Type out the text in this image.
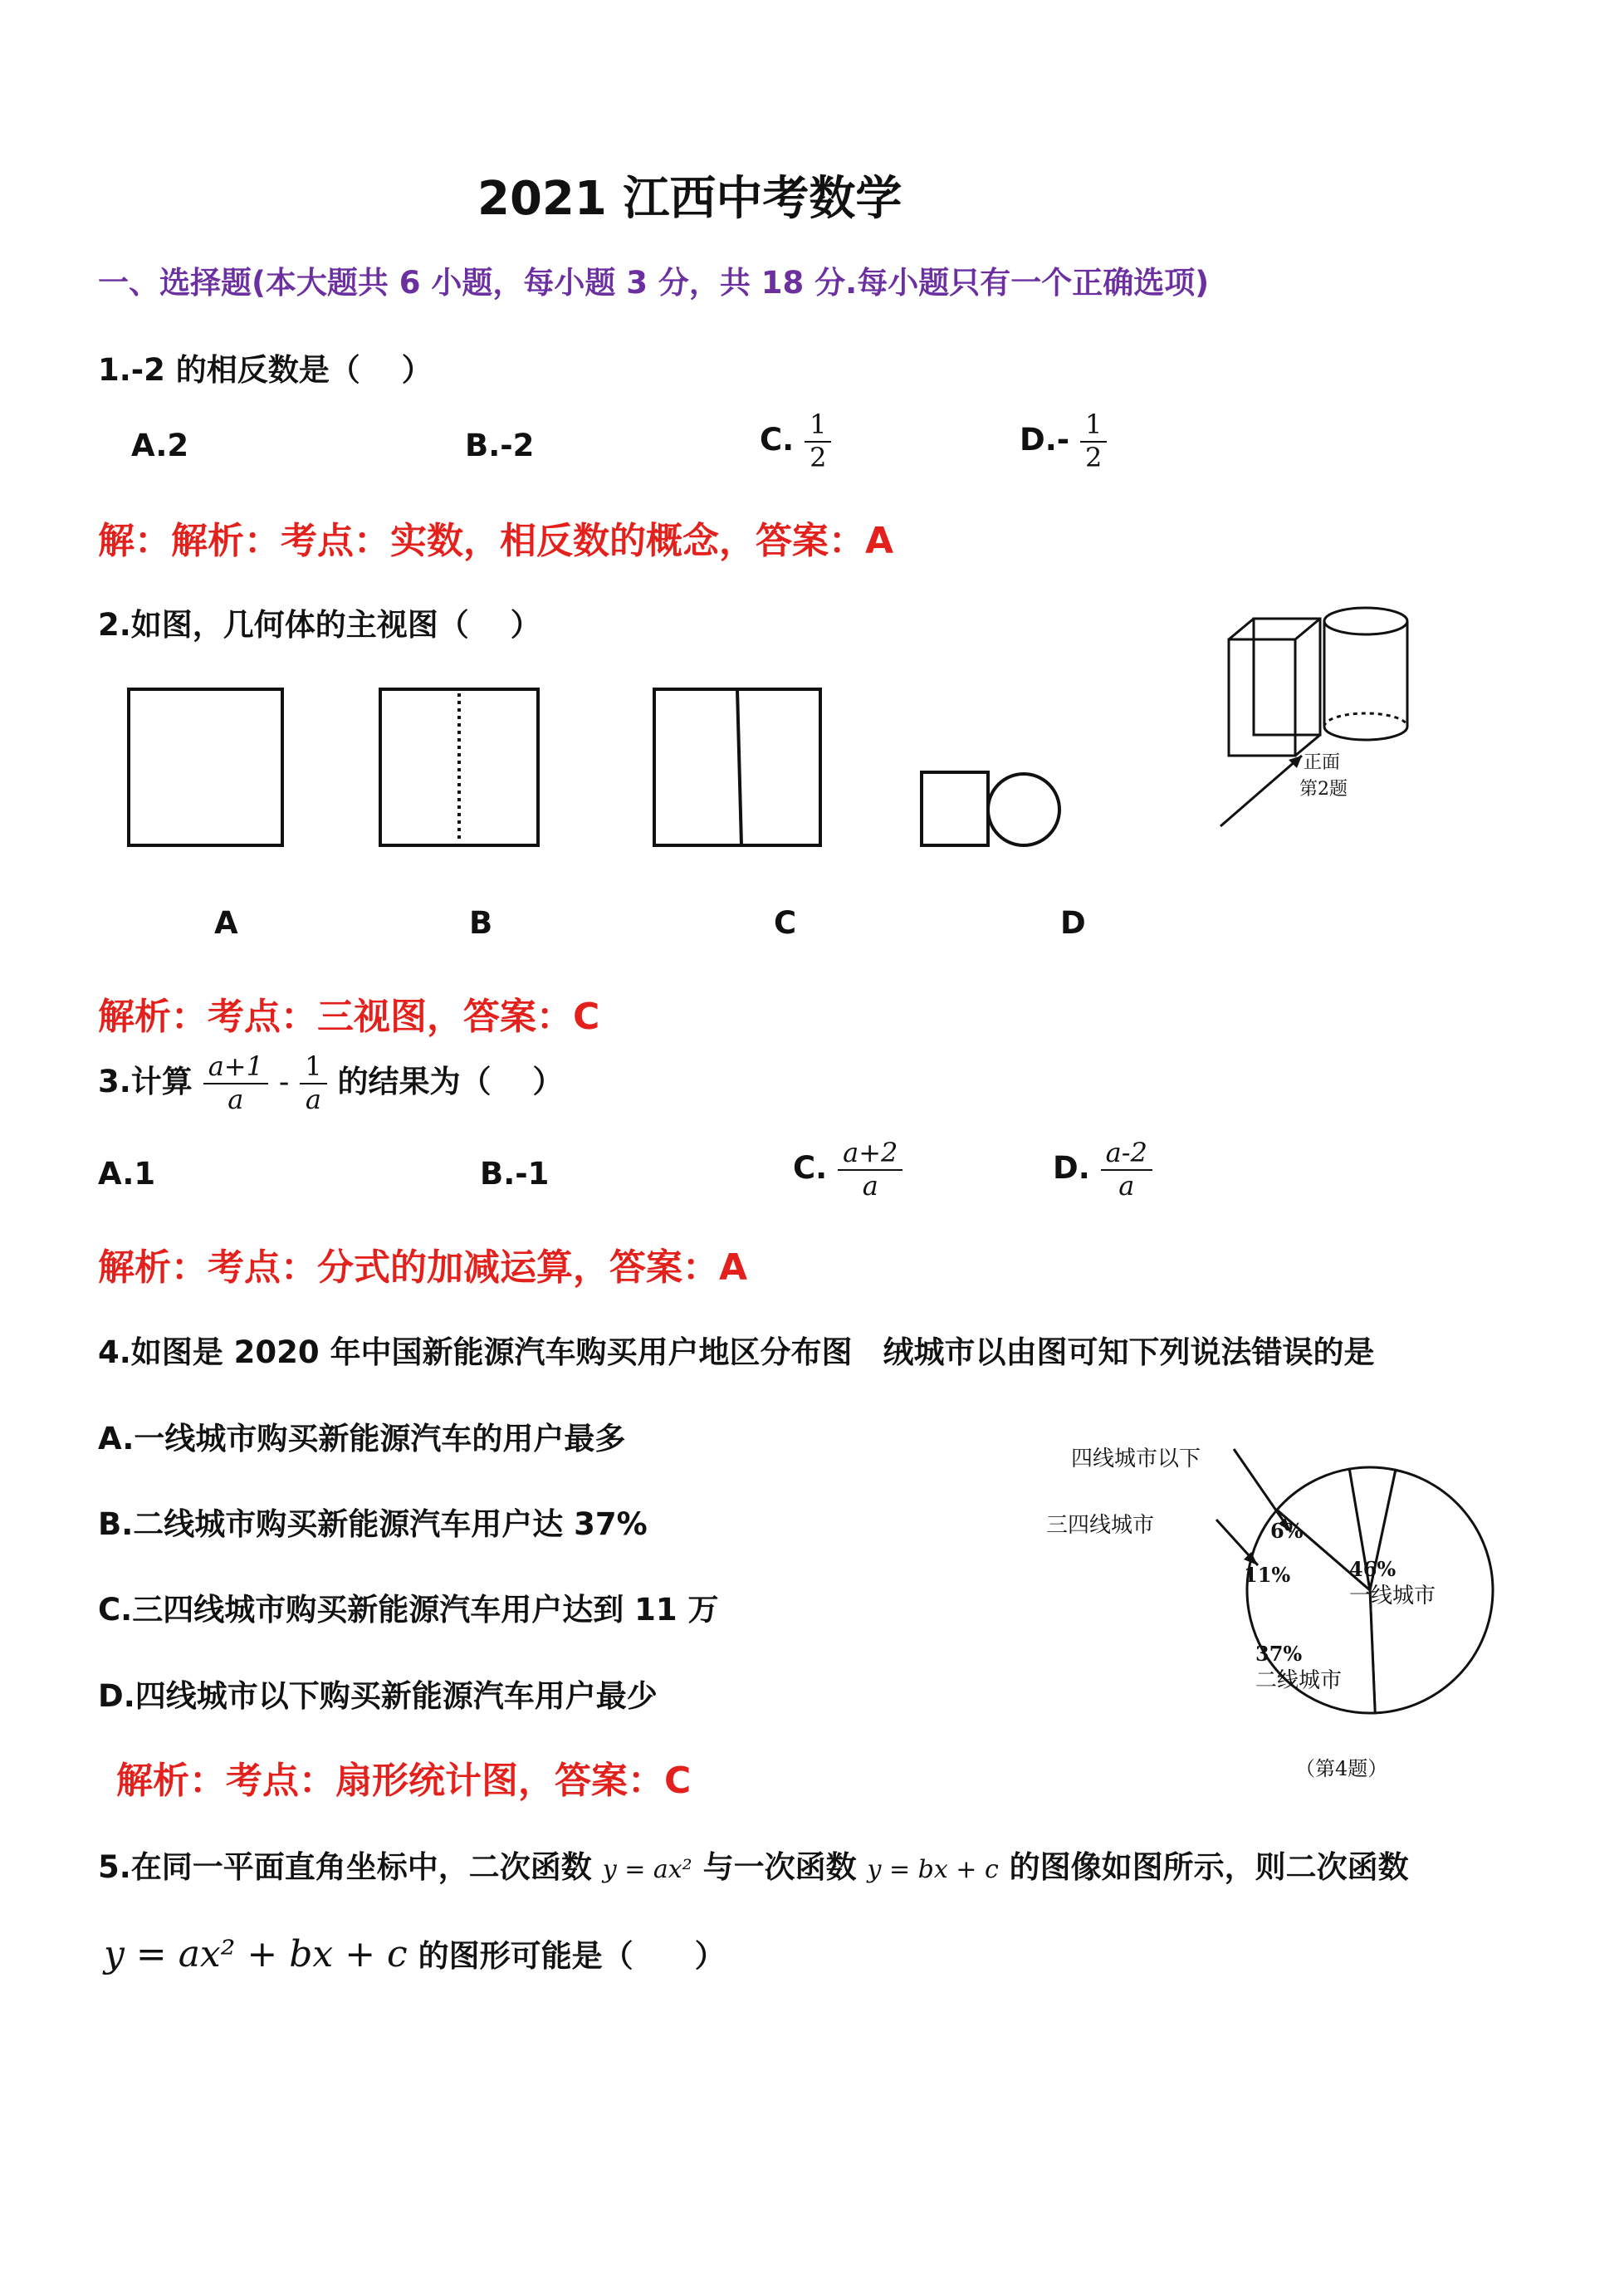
2021 江西中考数学
一、选择题(本大题共 6 小题，每小题 3 分，共 18 分.每小题只有一个正确选项)
1.-2 的相反数是（　 ）
A.2	B.-2	C. $\frac{1}{2}$	$D.- \frac{1}{2}$
解：解析：考点：实数，相反数的概念，答案：A
2.如图，几何体的主视图（　 ）
A	B	C	D
正面
第2题
解析：考点：三视图，答案：C
3.计算 $\frac{a+1}{a} - \frac{1}{a}$ 的结果为（　 ）
A.1	B.-1	C. $\frac{a+2}{a}$	D. $\frac{a-2}{a}$
解析：考点：分式的加减运算，答案：A
4.如图是 2020 年中国新能源汽车购买用户地区分布图　绒城市以由图可知下列说法错误的是
A.一线城市购买新能源汽车的用户最多
B.二线城市购买新能源汽车用户达 37%
C.三四线城市购买新能源汽车用户达到 11 万
D.四线城市以下购买新能源汽车用户最少
解析：考点：扇形统计图，答案：C
四线城市以下
三四线城市	6%
11%	46%
一线城市
37%
二线城市
（第4题）
5.在同一平面直角坐标中，二次函数 y = ax² 与一次函数 y = bx + c 的图像如图所示，则二次函数
y = ax² + bx + c 的图形可能是（　　）
